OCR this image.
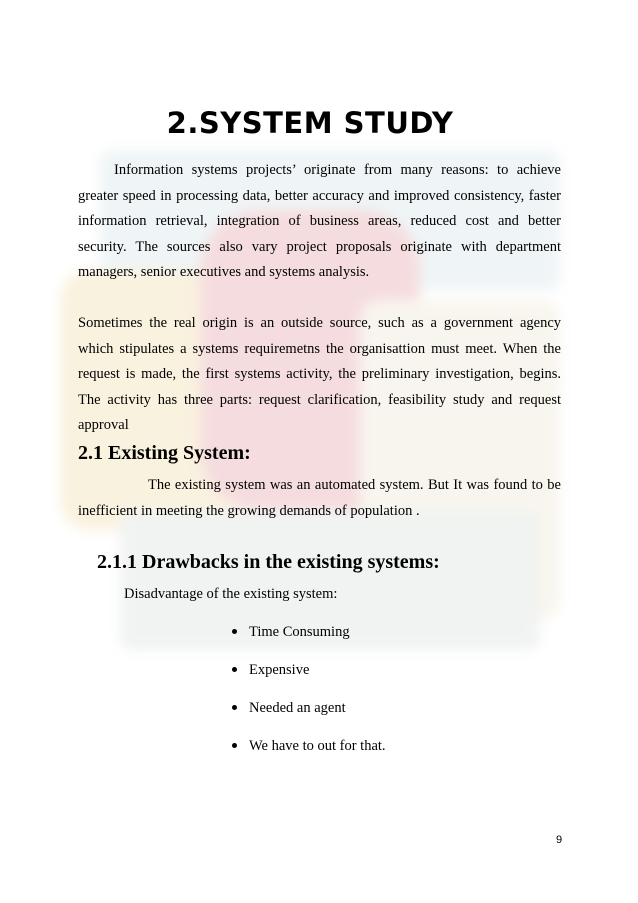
2.SYSTEM STUDY
Information systems projects’ originate from many reasons: to achieve greater speed in processing data, better accuracy and improved consistency, faster information retrieval, integration of business areas, reduced cost and better security. The sources also vary project proposals originate with department managers, senior executives and systems analysis.
Sometimes the real origin is an outside source, such as a government agency which stipulates a systems requiremetns the organisattion must meet. When the request is made, the first systems activity, the preliminary investigation, begins. The activity has three parts: request clarification, feasibility study and request approval
2.1 Existing System:
The existing system was an automated system. But It was found to be inefficient in meeting the growing demands of population .
2.1.1 Drawbacks in the existing systems:
Disadvantage of the existing system:
Time Consuming
Expensive
Needed an agent
We have to out for that.
9
